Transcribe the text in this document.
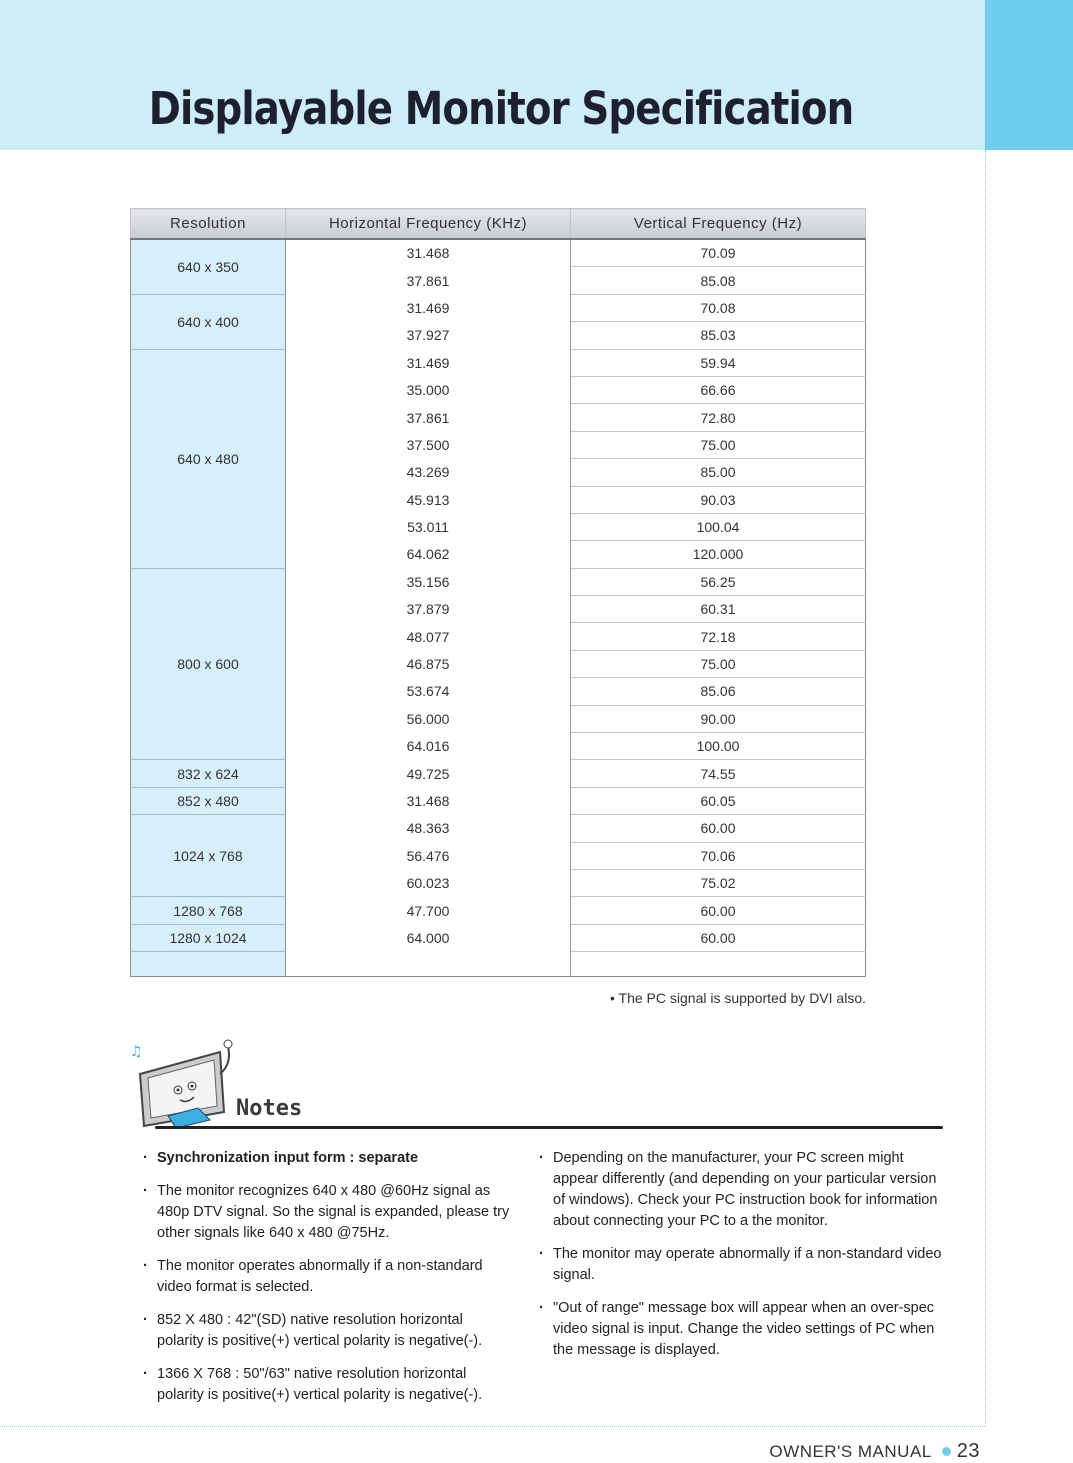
Displayable Monitor Specification
Resolution	Horizontal Frequency (KHz)	Vertical Frequency (Hz)
640 x 350	31.468	70.09
	37.861	85.08
640 x 400	31.469	70.08
	37.927	85.03
640 x 480	31.469	59.94
	35.000	66.66
	37.861	72.80
	37.500	75.00
	43.269	85.00
	45.913	90.03
	53.011	100.04
	64.062	120.000
800 x 600	35.156	56.25
	37.879	60.31
	48.077	72.18
	46.875	75.00
	53.674	85.06
	56.000	90.00
	64.016	100.00
832 x 624	49.725	74.55
852 x 480	31.468	60.05
1024 x 768	48.363	60.00
	56.476	70.06
	60.023	75.02
1280 x 768	47.700	60.00
1280 x 1024	64.000	60.00

• The PC signal is supported by DVI also.
♫
Notes
· Synchronization input form : separate
· The monitor recognizes 640 x 480 @60Hz signal as 480p DTV signal. So the signal is expanded, please try other signals like 640 x 480 @75Hz.
· The monitor operates abnormally if a non-standard video format is selected.
· 852 X 480 : 42"(SD) native resolution horizontal polarity is positive(+) vertical polarity is negative(-).
· 1366 X 768 : 50"/63" native resolution horizontal polarity is positive(+) vertical polarity is negative(-).
· Depending on the manufacturer, your PC screen might appear differently (and depending on your particular version of windows). Check your PC instruction book for information about connecting your PC to a the monitor.
· The monitor may operate abnormally if a non-standard video signal.
· "Out of range" message box will appear when an over-spec video signal is input. Change the video settings of PC when the message is displayed.
OWNER'S MANUAL 23
